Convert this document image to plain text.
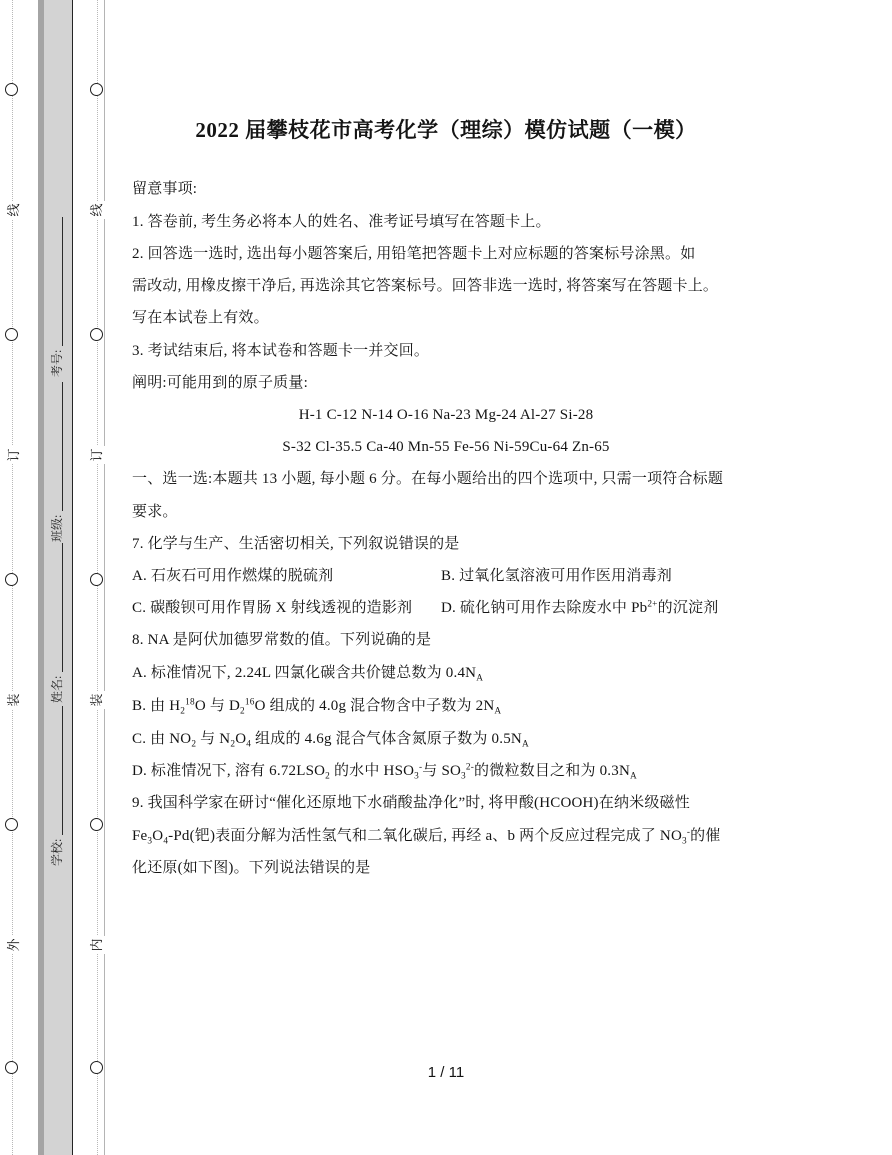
线
订
装
外
考号:
班级:
姓名:
学校:
线
订
装
内
2022 届攀枝花市高考化学（理综）模仿试题（一模）
留意事项:
1. 答卷前, 考生务必将本人的姓名、准考证号填写在答题卡上。
2. 回答选一选时, 选出每小题答案后, 用铅笔把答题卡上对应标题的答案标号涂黑。如
需改动, 用橡皮擦干净后, 再选涂其它答案标号。回答非选一选时, 将答案写在答题卡上。
写在本试卷上有效。
3. 考试结束后, 将本试卷和答题卡一并交回。
阐明:可能用到的原子质量:
H-1 C-12 N-14 O-16 Na-23 Mg-24 Al-27 Si-28
S-32 Cl-35.5 Ca-40 Mn-55 Fe-56 Ni-59Cu-64 Zn-65
一、选一选:本题共 13 小题, 每小题 6 分。在每小题给出的四个选项中, 只需一项符合标题
要求。
7. 化学与生产、生活密切相关, 下列叙说错误的是
A. 石灰石可用作燃煤的脱硫剂	B. 过氧化氢溶液可用作医用消毒剂
C. 碳酸钡可用作胃肠 X 射线透视的造影剂 D. 硫化钠可用作去除废水中 $Pb^{2+}$的沉淀剂
8. NA 是阿伏加德罗常数的值。下列说确的是
A. 标准情况下, 2.24L 四氯化碳含共价键总数为 $0.4N_A$
B. 由 $H_2^{18}O$ 与 $D_2^{16}O$ 组成的 4.0g 混合物含中子数为 $2N_A$
C. 由 $NO_2$ 与 $N_2O_4$ 组成的 4.6g 混合气体含氮原子数为 $0.5N_A$
D. 标准情况下, 溶有 $6.72LSO_2$ 的水中 $HSO_3^-$与 $SO_3^{2-}$的微粒数目之和为 $0.3N_A$
9. 我国科学家在研讨“催化还原地下水硝酸盐净化”时, 将甲酸(HCOOH)在纳米级磁性
$Fe_3O_4-Pd$(钯)表面分解为活性氢气和二氧化碳后, 再经 a、b 两个反应过程完成了 $NO_3^-$的催
化还原(如下图)。下列说法错误的是
1 / 11
